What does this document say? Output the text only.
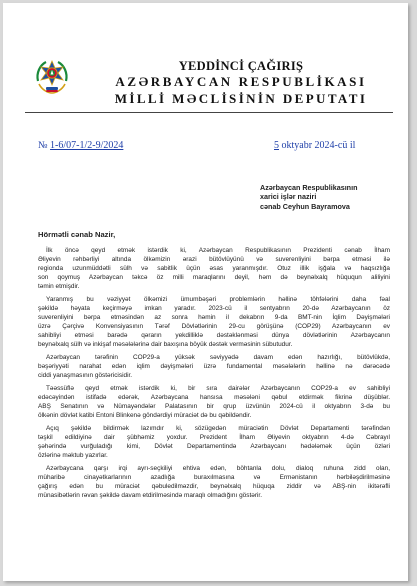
YEDDİNCİ ÇAĞIRIŞ
AZƏRBAYCAN RESPUBLİKASI
MİLLİ MƏCLİSİNİN DEPUTATI
№ 1-6/07-1/2-9/2024	5 oktyabr 2024-cü il
Azərbaycan Respublikasının
xarici işlər naziri
cənab Ceyhun Bayramova
Hörmətli cənab Nazir,

İlk öncə qeyd etmək istərdik ki, Azərbaycan Respublikasının Prezidenti cənab İlham
Əliyevin rəhbərliyi altında ölkəmizin ərazi bütövlüyünü və suverenliyini bərpa etməsi ilə
regionda uzunmüddətli sülh və sabitlik üçün əsas yaranmışdır. Otuz illik işğala və haqsızlığa
son qoymuş Azərbaycan təkcə öz milli maraqlarını deyil, həm də beynəlxalq hüququn aliliyini
təmin etmişdir.

Yaranmış bu vəziyyət ölkəmizi ümumbəşəri problemlərin həllinə töhfələrini daha fəal
şəkildə həyata keçirməyə imkan yaradır. 2023-cü il sentyabrın 20-də Azərbaycanın öz
suverenliyini bərpa etməsindən az sonra həmin il dekabrın 9-da BMT-nin İqlim Dəyişmələri
üzrə Çərçivə Konvensiyasının Tərəf Dövlətlərinin 29-cu görüşünə (COP29) Azərbaycanın ev
sahibliyi etməsi barədə qərarın yekdilliklə dəstəklənməsi dünya dövlətlərinin Azərbaycanın
beynəlxalq sülh və inkişaf məsələlərinə dair baxışına böyük dəstək verməsinin sübutudur.

Azərbaycan tərəfinin COP29-a yüksək səviyyədə davam edən hazırlığı, bütövlükdə,
bəşəriyyəti narahat edən iqlim dəyişmələri üzrə fundamental məsələlərin həllinə nə dərəcədə
ciddi yanaşmasının göstəricisidir.

Təəssüflə qeyd etmək istərdik ki, bir sıra dairələr Azərbaycanın COP29-a ev sahibliyi
edəcəyindən istifadə edərək, Azərbaycana hansısa məsələni qəbul etdirmək fikrinə düşüblər.
ABŞ Senatının və Nümayəndələr Palatasının bir qrup üzvünün 2024-cü il oktyabrın 3-də bu
ölkənin dövlət katibi Entoni Blinkenə göndərdiyi müraciət də bu qəbildəndir.

Açıq şəkildə bildirmək lazımdır ki, sözügedən müraciətin Dövlət Departamenti tərəfindən
təşkil edildiyinə dair şübhəmiz yoxdur. Prezident İlham Əliyevin oktyabrın 4-də Cəbrayıl
şəhərində vurğuladığı kimi, Dövlət Departamentində Azərbaycanı hədələmək üçün özləri
özlərinə məktub yazırlar.

Azərbaycana qarşı irqi ayrı-seçkiliyi ehtiva edən, böhtanla dolu, dialoq ruhuna zidd olan,
müharibə cinayətkarlarının azadlığa buraxılmasına və Ermənistanın hərbiləşdirilməsinə
çağırış edən bu müraciət qəbuledilməzdir, beynəlxalq hüquqa ziddir və ABŞ-nin ikitərəfli
münasibətlərin rəvan şəkildə davam etdirilməsində maraqlı olmadığını göstərir.
